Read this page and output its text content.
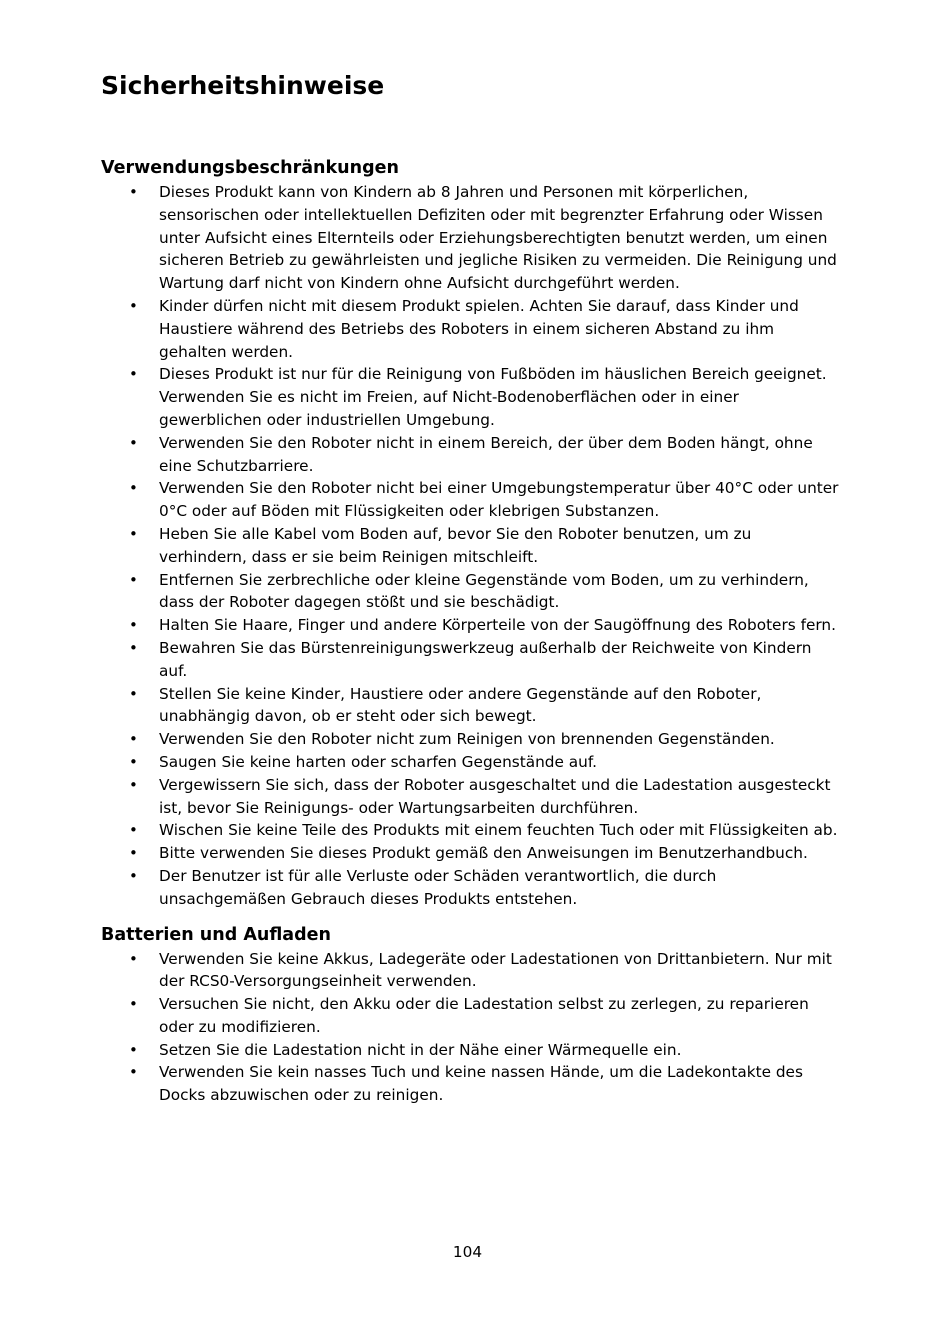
Sicherheitshinweise
Verwendungsbeschränkungen
• Dieses Produkt kann von Kindern ab 8 Jahren und Personen mit körperlichen, sensorischen oder intellektuellen Defiziten oder mit begrenzter Erfahrung oder Wissen unter Aufsicht eines Elternteils oder Erziehungsberechtigten benutzt werden, um einen sicheren Betrieb zu gewährleisten und jegliche Risiken zu vermeiden. Die Reinigung und Wartung darf nicht von Kindern ohne Aufsicht durchgeführt werden.
• Kinder dürfen nicht mit diesem Produkt spielen. Achten Sie darauf, dass Kinder und Haustiere während des Betriebs des Roboters in einem sicheren Abstand zu ihm gehalten werden.
• Dieses Produkt ist nur für die Reinigung von Fußböden im häuslichen Bereich geeignet. Verwenden Sie es nicht im Freien, auf Nicht-Bodenoberflächen oder in einer gewerblichen oder industriellen Umgebung.
• Verwenden Sie den Roboter nicht in einem Bereich, der über dem Boden hängt, ohne eine Schutzbarriere.
• Verwenden Sie den Roboter nicht bei einer Umgebungstemperatur über 40°C oder unter 0°C oder auf Böden mit Flüssigkeiten oder klebrigen Substanzen.
• Heben Sie alle Kabel vom Boden auf, bevor Sie den Roboter benutzen, um zu verhindern, dass er sie beim Reinigen mitschleift.
• Entfernen Sie zerbrechliche oder kleine Gegenstände vom Boden, um zu verhindern, dass der Roboter dagegen stößt und sie beschädigt.
• Halten Sie Haare, Finger und andere Körperteile von der Saugöffnung des Roboters fern.
• Bewahren Sie das Bürstenreinigungswerkzeug außerhalb der Reichweite von Kindern auf.
• Stellen Sie keine Kinder, Haustiere oder andere Gegenstände auf den Roboter, unabhängig davon, ob er steht oder sich bewegt.
• Verwenden Sie den Roboter nicht zum Reinigen von brennenden Gegenständen.
• Saugen Sie keine harten oder scharfen Gegenstände auf.
• Vergewissern Sie sich, dass der Roboter ausgeschaltet und die Ladestation ausgesteckt ist, bevor Sie Reinigungs- oder Wartungsarbeiten durchführen.
• Wischen Sie keine Teile des Produkts mit einem feuchten Tuch oder mit Flüssigkeiten ab.
• Bitte verwenden Sie dieses Produkt gemäß den Anweisungen im Benutzerhandbuch.
• Der Benutzer ist für alle Verluste oder Schäden verantwortlich, die durch unsachgemäßen Gebrauch dieses Produkts entstehen.
Batterien und Aufladen
• Verwenden Sie keine Akkus, Ladegeräte oder Ladestationen von Drittanbietern. Nur mit der RCS0-Versorgungseinheit verwenden.
• Versuchen Sie nicht, den Akku oder die Ladestation selbst zu zerlegen, zu reparieren oder zu modifizieren.
• Setzen Sie die Ladestation nicht in der Nähe einer Wärmequelle ein.
• Verwenden Sie kein nasses Tuch und keine nassen Hände, um die Ladekontakte des Docks abzuwischen oder zu reinigen.
104
